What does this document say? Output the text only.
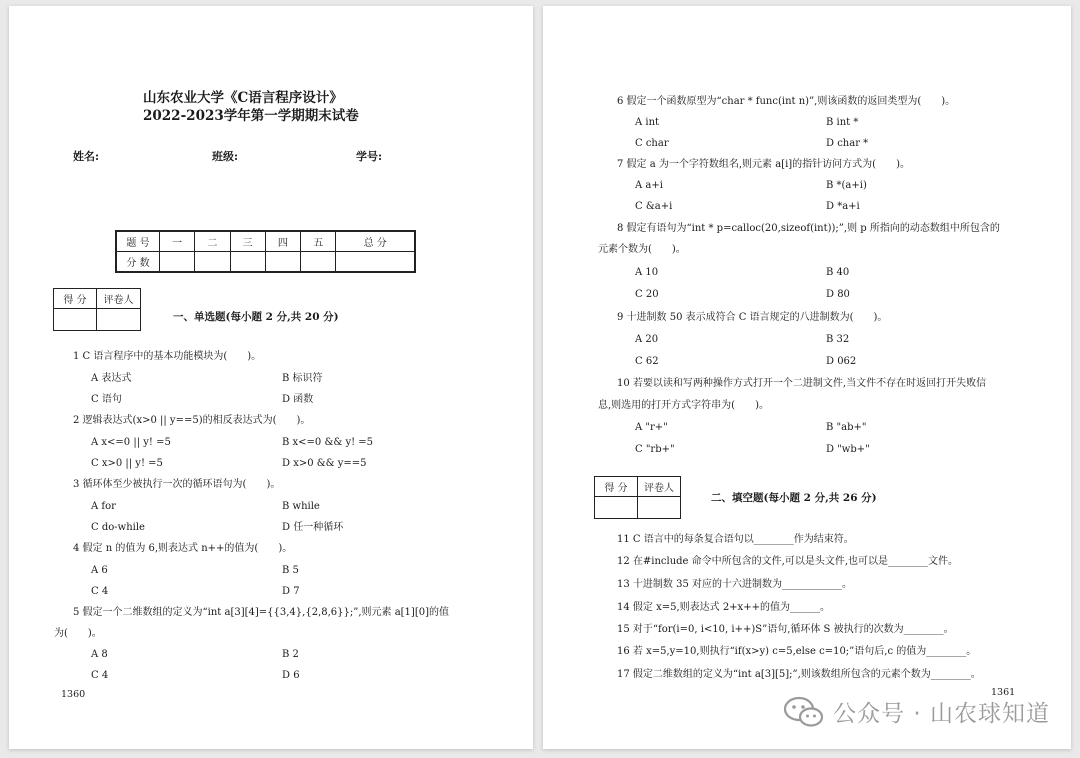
山东农业大学《C语言程序设计》
2022-2023学年第一学期期末试卷
姓名:	班级:	学号:
题 号	一	二	三	四	五	总 分
分 数						
得 分	评卷人

一、单选题(每小题 2 分,共 20 分)
1 C 语言程序中的基本功能模块为(　　)。
A 表达式	B 标识符
C 语句	D 函数
2 逻辑表达式(x>0 || y==5)的相反表达式为(　　)。
A x<=0 || y! =5	B x<=0 && y! =5
C x>0 || y! =5	D x>0 && y==5
3 循环体至少被执行一次的循环语句为(　　)。
A for	B while
C do-while	D 任一种循环
4 假定 n 的值为 6,则表达式 n++的值为(　　)。
A 6	B 5
C 4	D 7
5 假定一个二维数组的定义为“int a[3][4]={{3,4},{2,8,6}};”,则元素 a[1][0]的值
为(　　)。
A 8	B 2
C 4	D 6
1360
6 假定一个函数原型为“char * func(int n)”,则该函数的返回类型为(　　)。
A int	B int *
C char	D char *
7 假定 a 为一个字符数组名,则元素 a[i]的指针访问方式为(　　)。
A a+i	B *(a+i)
C &a+i	D *a+i
8 假定有语句为“int * p=calloc(20,sizeof(int));”,则 p 所指向的动态数组中所包含的
元素个数为(　　)。
A 10	B 40
C 20	D 80
9 十进制数 50 表示成符合 C 语言规定的八进制数为(　　)。
A 20	B 32
C 62	D 062
10 若要以读和写两种操作方式打开一个二进制文件,当文件不存在时返回打开失败信
息,则选用的打开方式字符串为(　　)。
A "r+"	B "ab+"
C "rb+"	D "wb+"
得 分	评卷人

二、填空题(每小题 2 分,共 26 分)
11 C 语言中的每条复合语句以________作为结束符。
12 在#include 命令中所包含的文件,可以是头文件,也可以是________文件。
13 十进制数 35 对应的十六进制数为____________。
14 假定 x=5,则表达式 2+x++的值为______。
15 对于“for(i=0, i<10, i++)S”语句,循环体 S 被执行的次数为________。
16 若 x=5,y=10,则执行“if(x>y) c=5,else c=10;”语句后,c 的值为________。
17 假定二维数组的定义为“int a[3][5];”,则该数组所包含的元素个数为________。
1361
公众号 · 山农球知道
